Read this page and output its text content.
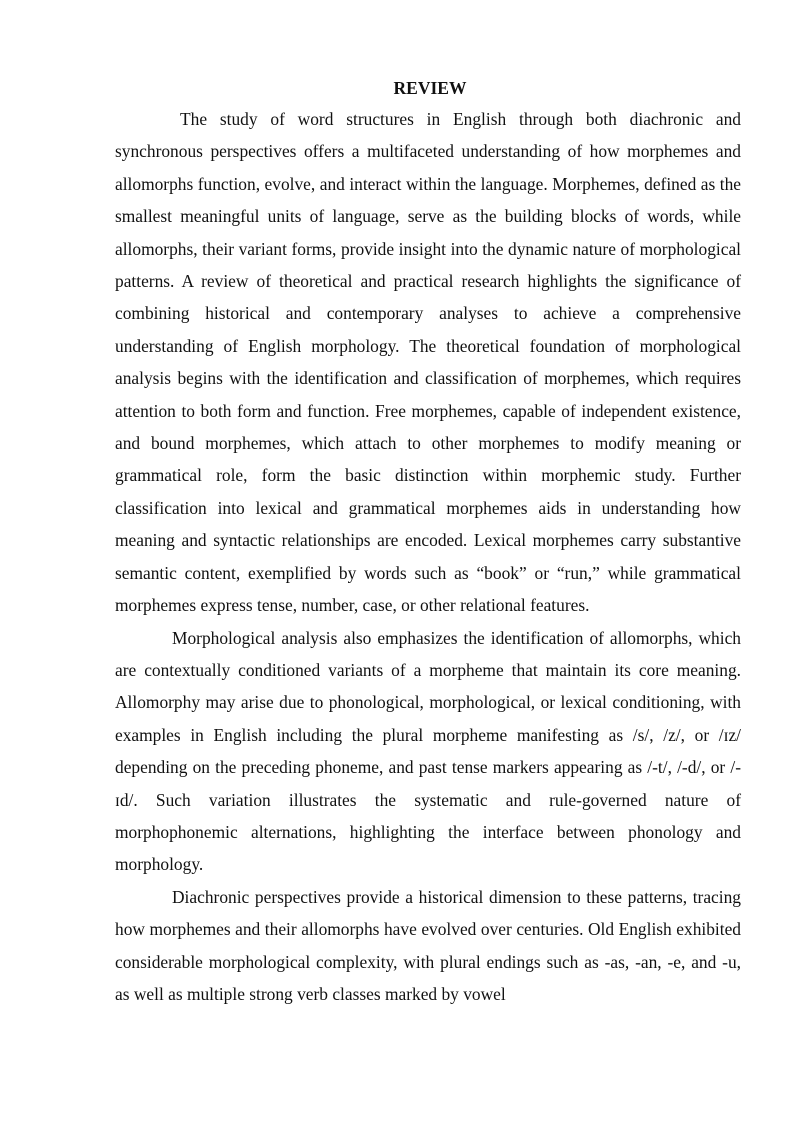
REVIEW

The study of word structures in English through both diachronic and synchronous perspectives offers a multifaceted understanding of how morphemes and allomorphs function, evolve, and interact within the language. Morphemes, defined as the smallest meaningful units of language, serve as the building blocks of words, while allomorphs, their variant forms, provide insight into the dynamic nature of morphological patterns. A review of theoretical and practical research highlights the significance of combining historical and contemporary analyses to achieve a comprehensive understanding of English morphology. The theoretical foundation of morphological analysis begins with the identification and classification of morphemes, which requires attention to both form and function. Free morphemes, capable of independent existence, and bound morphemes, which attach to other morphemes to modify meaning or grammatical role, form the basic distinction within morphemic study. Further classification into lexical and grammatical morphemes aids in understanding how meaning and syntactic relationships are encoded. Lexical morphemes carry substantive semantic content, exemplified by words such as “book” or “run,” while grammatical morphemes express tense, number, case, or other relational features.

Morphological analysis also emphasizes the identification of allomorphs, which are contextually conditioned variants of a morpheme that maintain its core meaning. Allomorphy may arise due to phonological, morphological, or lexical conditioning, with examples in English including the plural morpheme manifesting as /s/, /z/, or /ɪz/ depending on the preceding phoneme, and past tense markers appearing as /-t/, /-d/, or /-ɪd/. Such variation illustrates the systematic and rule-governed nature of morphophonemic alternations, highlighting the interface between phonology and morphology.

Diachronic perspectives provide a historical dimension to these patterns, tracing how morphemes and their allomorphs have evolved over centuries. Old English exhibited considerable morphological complexity, with plural endings such as -as, -an, -e, and -u, as well as multiple strong verb classes marked by vowel
